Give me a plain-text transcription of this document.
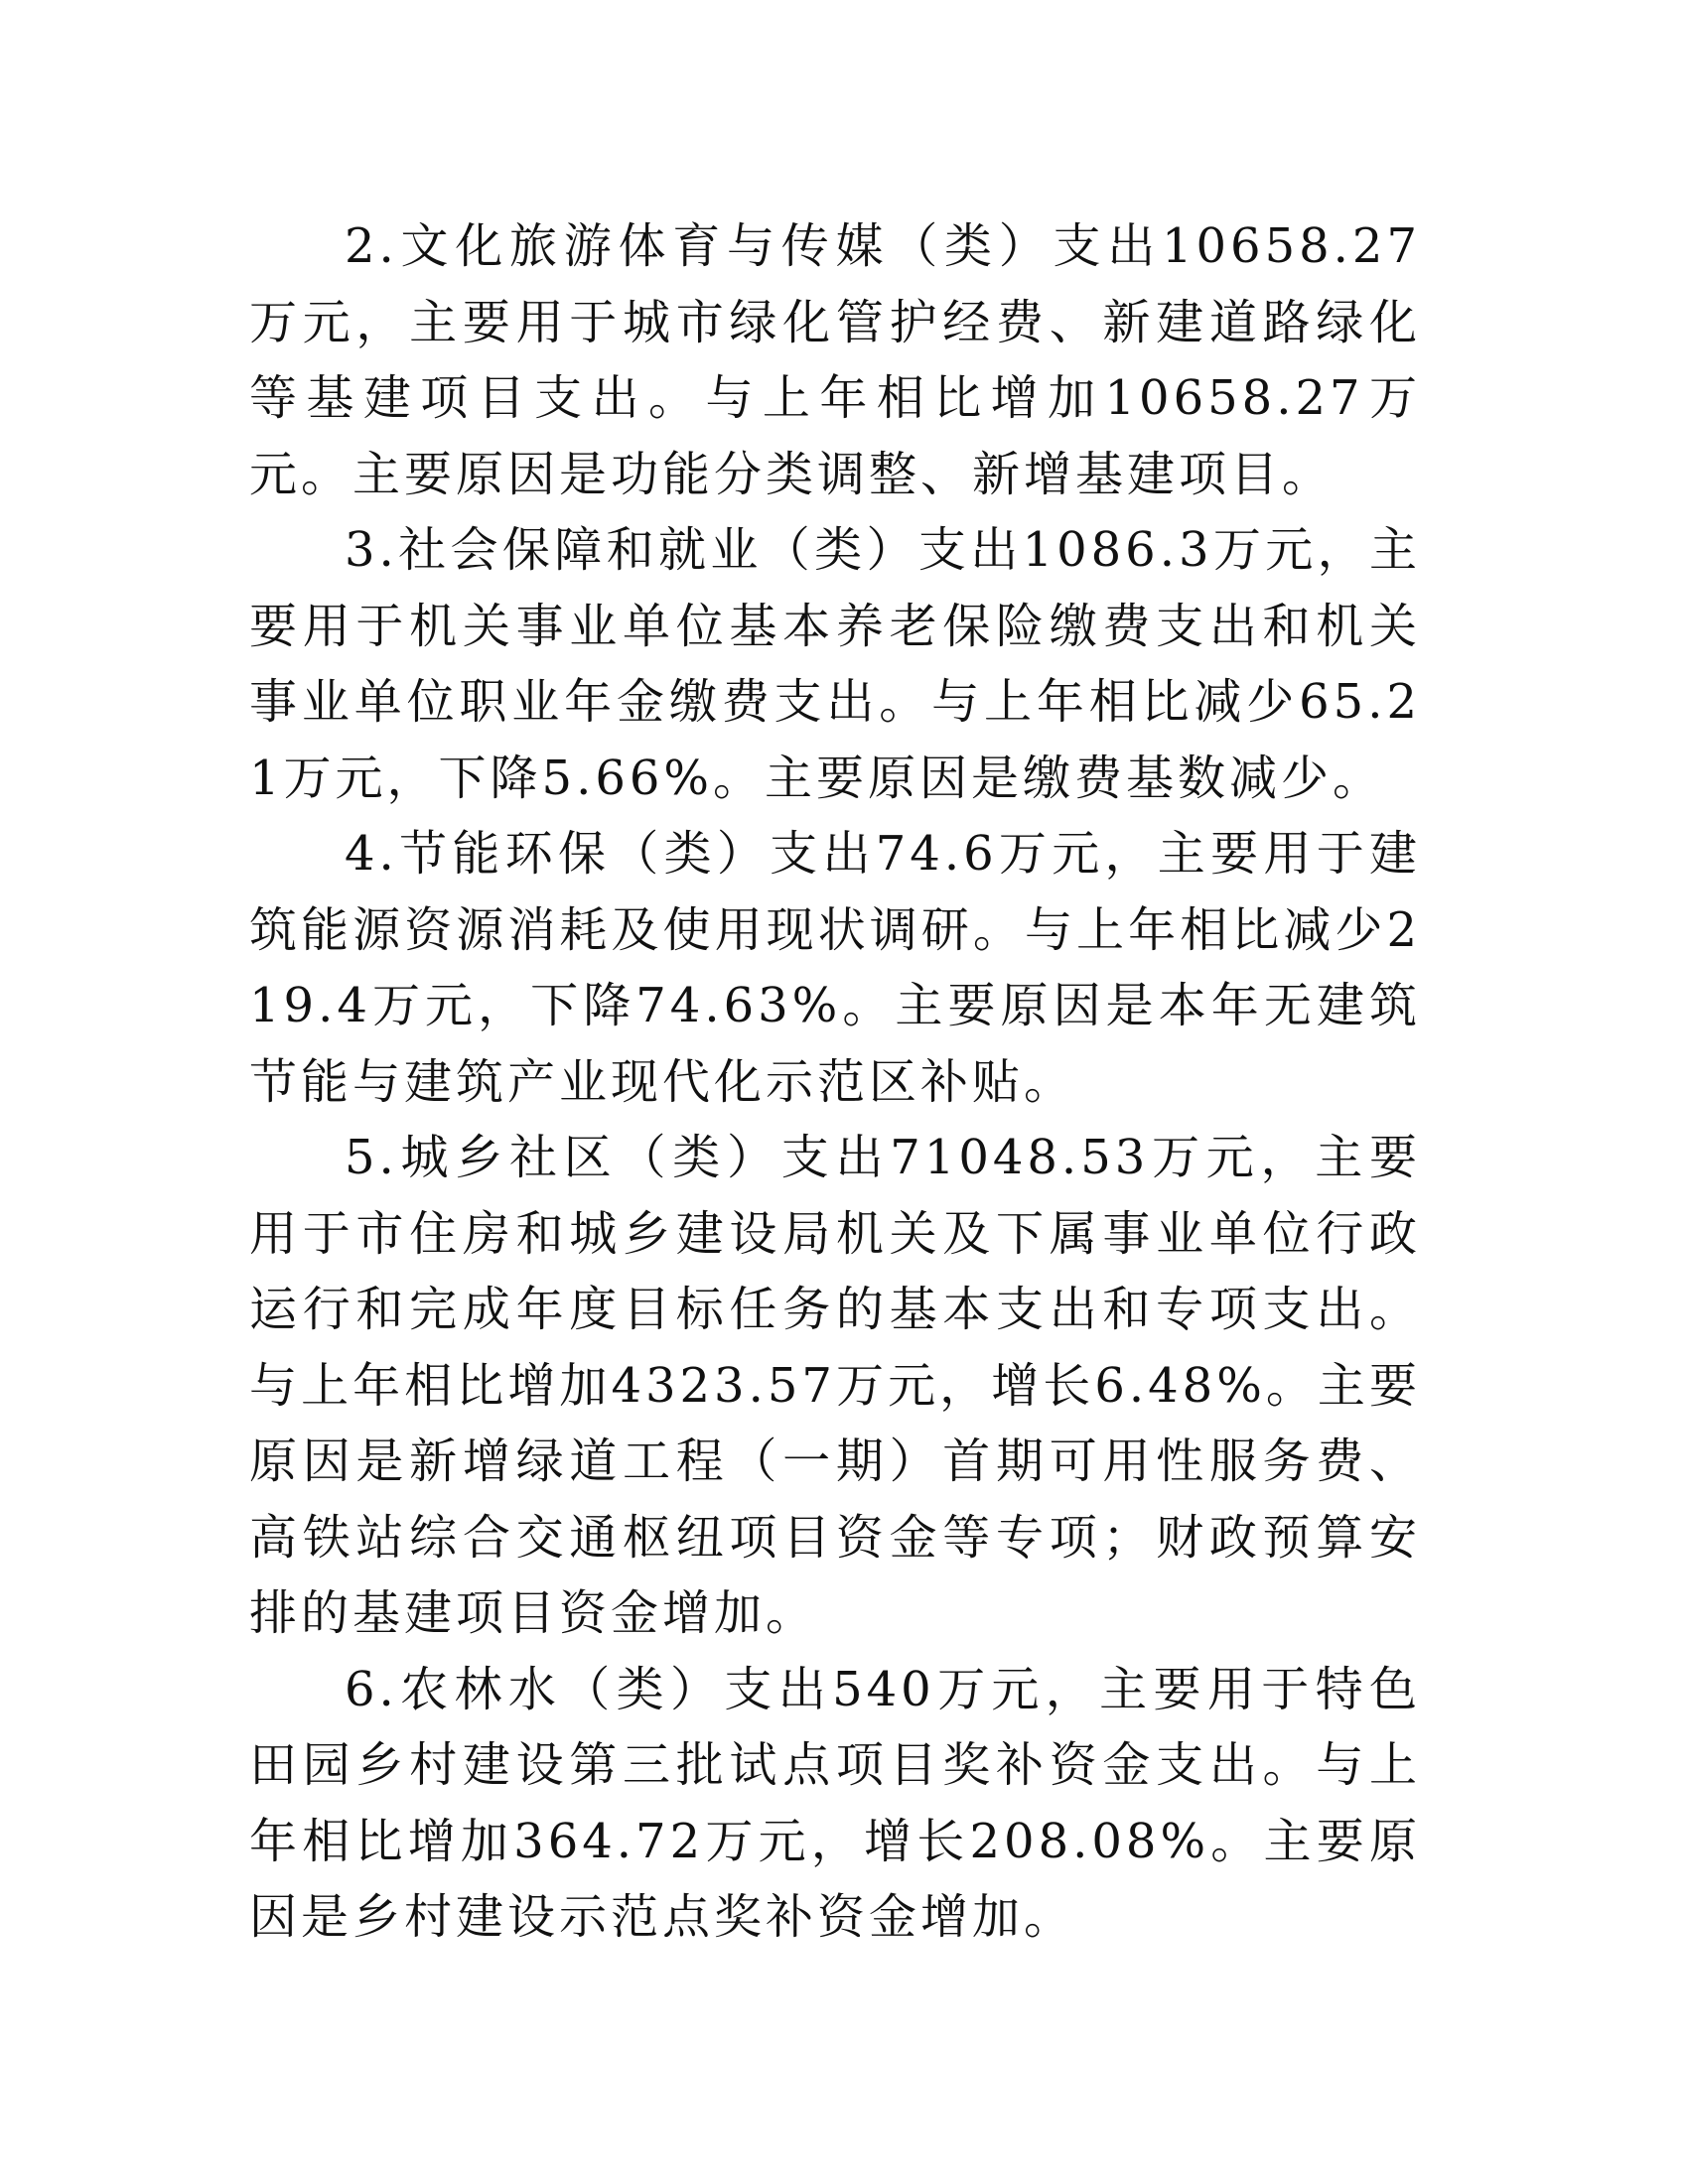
2.文化旅游体育与传媒（类）支出10658.27万元，主要用于城市绿化管护经费、新建道路绿化等基建项目支出。与上年相比增加10658.27万元。主要原因是功能分类调整、新增基建项目。

3.社会保障和就业（类）支出1086.3万元，主要用于机关事业单位基本养老保险缴费支出和机关事业单位职业年金缴费支出。与上年相比减少65.21万元，下降5.66%。主要原因是缴费基数减少。

4.节能环保（类）支出74.6万元，主要用于建筑能源资源消耗及使用现状调研。与上年相比减少219.4万元，下降74.63%。主要原因是本年无建筑节能与建筑产业现代化示范区补贴。

5.城乡社区（类）支出71048.53万元，主要用于市住房和城乡建设局机关及下属事业单位行政运行和完成年度目标任务的基本支出和专项支出。与上年相比增加4323.57万元，增长6.48%。主要原因是新增绿道工程（一期）首期可用性服务费、高铁站综合交通枢纽项目资金等专项；财政预算安排的基建项目资金增加。

6.农林水（类）支出540万元，主要用于特色田园乡村建设第三批试点项目奖补资金支出。与上年相比增加364.72万元，增长208.08%。主要原因是乡村建设示范点奖补资金增加。
